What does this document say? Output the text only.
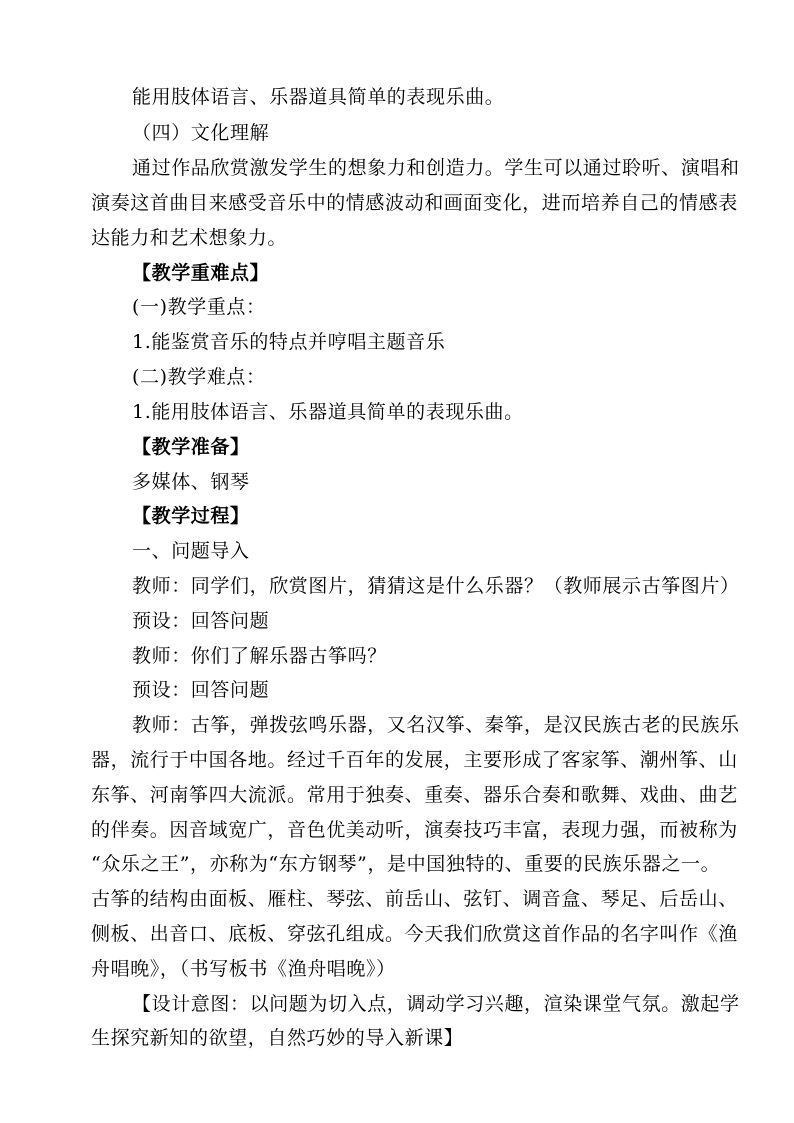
能用肢体语言、乐器道具简单的表现乐曲。
（四）文化理解
通过作品欣赏激发学生的想象力和创造力。学生可以通过聆听、演唱和
演奏这首曲目来感受音乐中的情感波动和画面变化，进而培养自己的情感表
达能力和艺术想象力。
【教学重难点】
(一)教学重点：
1.能鉴赏音乐的特点并哼唱主题音乐
(二)教学难点：
1.能用肢体语言、乐器道具简单的表现乐曲。
【教学准备】
多媒体、钢琴
【教学过程】
一、问题导入
教师：同学们，欣赏图片，猜猜这是什么乐器？（教师展示古筝图片）
预设：回答问题
教师：你们了解乐器古筝吗？
预设：回答问题
教师：古筝，弹拨弦鸣乐器，又名汉筝、秦筝，是汉民族古老的民族乐
器，流行于中国各地。经过千百年的发展，主要形成了客家筝、潮州筝、山
东筝、河南筝四大流派。常用于独奏、重奏、器乐合奏和歌舞、戏曲、曲艺
的伴奏。因音域宽广，音色优美动听，演奏技巧丰富，表现力强，而被称为
“众乐之王”，亦称为“东方钢琴”，是中国独特的、重要的民族乐器之一。
古筝的结构由面板、雁柱、琴弦、前岳山、弦钉、调音盒、琴足、后岳山、
侧板、出音口、底板、穿弦孔组成。今天我们欣赏这首作品的名字叫作《渔
舟唱晚》，（书写板书《渔舟唱晚》）
【设计意图：以问题为切入点，调动学习兴趣，渲染课堂气氛。激起学
生探究新知的欲望，自然巧妙的导入新课】
